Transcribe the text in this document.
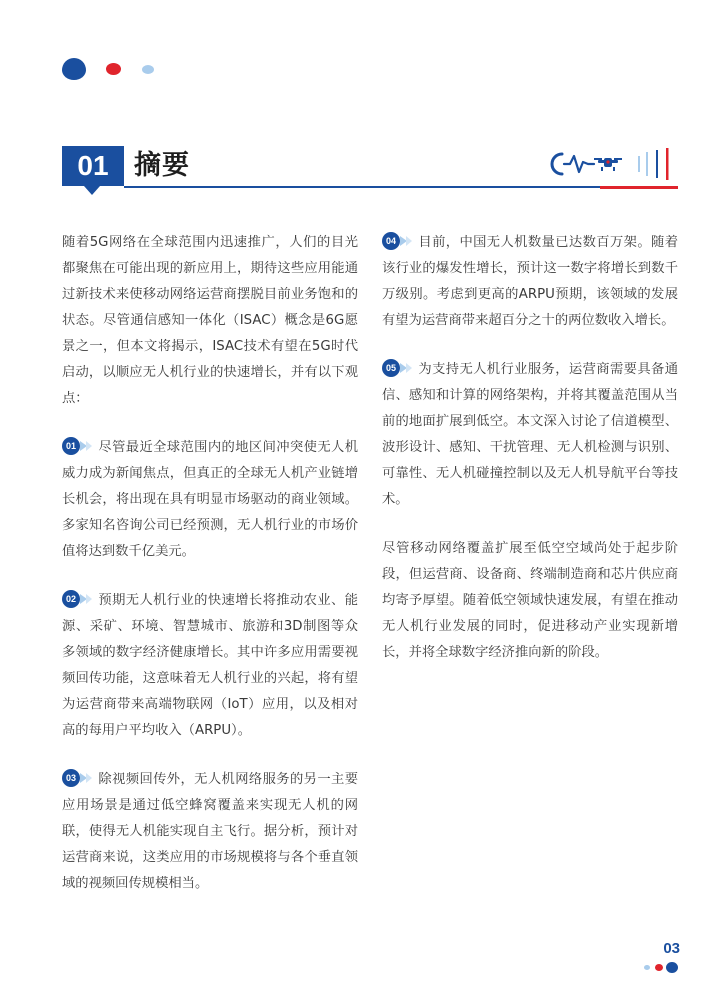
01 摘要

随着5G网络在全球范围内迅速推广，人们的目光都聚焦在可能出现的新应用上，期待这些应用能通过新技术来使移动网络运营商摆脱目前业务饱和的状态。尽管通信感知一体化（ISAC）概念是6G愿景之一，但本文将揭示，ISAC技术有望在5G时代启动，以顺应无人机行业的快速增长，并有以下观点：

01	尽管最近全球范围内的地区间冲突使无人机威力成为新闻焦点，但真正的全球无人机产业链增长机会，将出现在具有明显市场驱动的商业领域。多家知名咨询公司已经预测，无人机行业的市场价值将达到数千亿美元。

02	预期无人机行业的快速增长将推动农业、能源、采矿、环境、智慧城市、旅游和3D制图等众多领域的数字经济健康增长。其中许多应用需要视频回传功能，这意味着无人机行业的兴起，将有望为运营商带来高端物联网（IoT）应用，以及相对高的每用户平均收入（ARPU）。

03	除视频回传外，无人机网络服务的另一主要应用场景是通过低空蜂窝覆盖来实现无人机的网联，使得无人机能实现自主飞行。据分析，预计对运营商来说，这类应用的市场规模将与各个垂直领域的视频回传规模相当。

04	目前，中国无人机数量已达数百万架。随着该行业的爆发性增长，预计这一数字将增长到数千万级别。考虑到更高的ARPU预期，该领域的发展有望为运营商带来超百分之十的两位数收入增长。

05	为支持无人机行业服务，运营商需要具备通信、感知和计算的网络架构，并将其覆盖范围从当前的地面扩展到低空。本文深入讨论了信道模型、波形设计、感知、干扰管理、无人机检测与识别、可靠性、无人机碰撞控制以及无人机导航平台等技术。

尽管移动网络覆盖扩展至低空空域尚处于起步阶段，但运营商、设备商、终端制造商和芯片供应商均寄予厚望。随着低空领域快速发展，有望在推动无人机行业发展的同时，促进移动产业实现新增长，并将全球数字经济推向新的阶段。

03
